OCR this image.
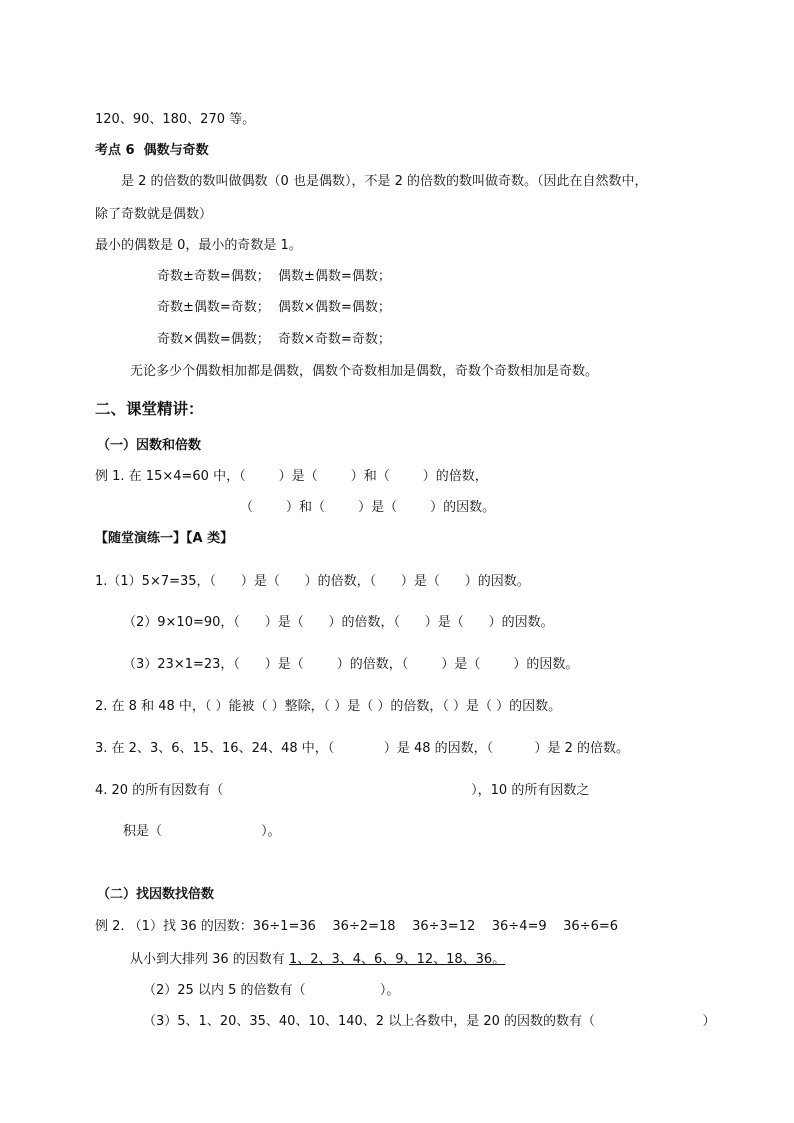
120、90、180、270 等。
考点 6  偶数与奇数
是 2 的倍数的数叫做偶数（0 也是偶数），不是 2 的倍数的数叫做奇数。（因此在自然数中，
除了奇数就是偶数）
最小的偶数是 0，最小的奇数是 1。
奇数±奇数=偶数；  偶数±偶数=偶数；
奇数±偶数=奇数；  偶数×偶数=偶数；
奇数×偶数=偶数；  奇数×奇数=奇数；
无论多少个偶数相加都是偶数，偶数个奇数相加是偶数，奇数个奇数相加是奇数。
二、课堂精讲：
（一）因数和倍数
例 1. 在 15×4=60 中，（        ）是（        ）和（        ）的倍数，
（        ）和（        ）是（        ）的因数。
【随堂演练一】【A 类】
1.（1）5×7=35，（      ）是（      ）的倍数，（      ）是（      ）的因数。
（2）9×10=90，（      ）是（      ）的倍数，（      ）是（      ）的因数。
（3）23×1=23，（      ）是（        ）的倍数，（        ）是（        ）的因数。
2. 在 8 和 48 中，（ ）能被（ ）整除，（ ）是（ ）的倍数，（ ）是（ ）的因数。
3. 在 2、3、6、15、16、24、48 中，（            ）是 48 的因数，（          ）是 2 的倍数。
4. 20 的所有因数有（                                                            ），10 的所有因数之
积是（                        ）。
（二）找因数找倍数
例 2. （1）找 36 的因数：36÷1=36    36÷2=18    36÷3=12    36÷4=9    36÷6=6
从小到大排列 36 的因数有 1、2、3、4、6、9、12、18、36。
（2）25 以内 5 的倍数有（                  ）。
（3）5、1、20、35、40、10、140、2 以上各数中，是 20 的因数的数有（                          ）
